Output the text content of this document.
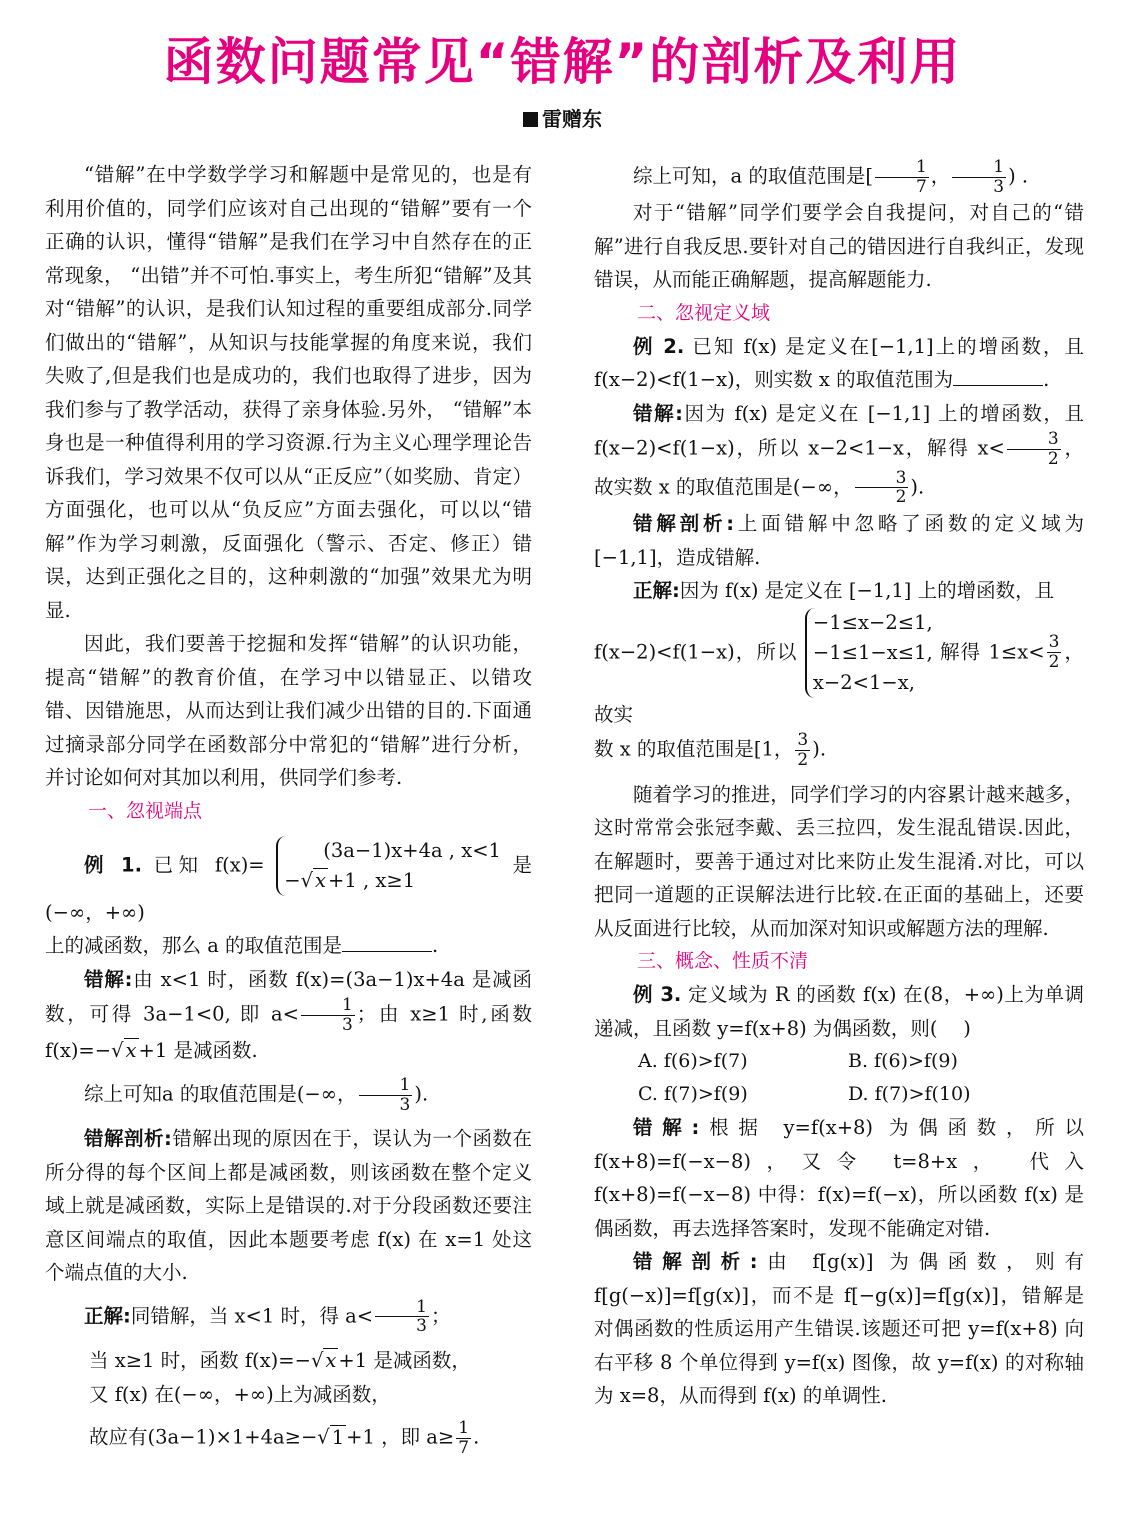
函数问题常见“错解”的剖析及利用
雷赠东

“错解”在中学数学学习和解题中是常见的，也是有利用价值的，同学们应该对自己出现的“错解”要有一个正确的认识，懂得“错解”是我们在学习中自然存在的正常现象， “出错”并不可怕.事实上，考生所犯“错解”及其对“错解”的认识，是我们认知过程的重要组成部分.同学们做出的“错解”，从知识与技能掌握的角度来说，我们失败了,但是我们也是成功的，我们也取得了进步，因为我们参与了教学活动，获得了亲身体验.另外， “错解”本身也是一种值得利用的学习资源.行为主义心理学理论告诉我们，学习效果不仅可以从“正反应”（如奖励、肯定）方面强化，也可以从“负反应”方面去强化，可以以“错解”作为学习刺激，反面强化（警示、否定、修正）错误，达到正强化之目的，这种刺激的“加强”效果尤为明显.

因此，我们要善于挖掘和发挥“错解”的认识功能，提高“错解”的教育价值，在学习中以错显正、以错攻错、因错施思，从而达到让我们减少出错的目的.下面通过摘录部分同学在函数部分中常犯的“错解”进行分析，并讨论如何对其加以利用，供同学们参考.

一、忽视端点

例 1. 已知 f(x)= (3a−1)x+4a , x<1
−√ x +1 , x≥1 是(−∞，+∞)

上的减函数，那么 a 的取值范围是	.

错解:由 x<1 时，函数 f(x)=(3a−1)x+4a 是减函数，可得 3a−1<0, 即 $a< \frac{1}{3}$ ；由 x≥1 时,函数 f(x)=−√ x +1 是减函数.

综上可知a 的取值范围是(−∞， $\frac{1}{3}$ ).

错解剖析:错解出现的原因在于，误认为一个函数在所分得的每个区间上都是减函数，则该函数在整个定义域上就是减函数，实际上是错误的.对于分段函数还要注意区间端点的取值，因此本题要考虑 f(x) 在 x=1 处这个端点值的大小.

正解:同错解，当 x<1 时，得 $a< \frac{1}{3}$ ；

当 x≥1 时，函数 f(x)=−√ x +1 是减函数，

又 f(x) 在(−∞，+∞)上为减函数，

故应有(3a−1)×1+4a≥−√ 1 +1 ，即 $a\ge \frac{1}{7}$ .

综上可知，a 的取值范围是[ $\frac{1}{7}$ ， $\frac{1}{3}$ ) .

对于“错解”同学们要学会自我提问，对自己的“错解”进行自我反思.要针对自己的错因进行自我纠正，发现错误，从而能正确解题，提高解题能力.

二、忽视定义域

例 2. 已知 f(x) 是定义在[−1,1]上的增函数，且 f(x−2)<f(1−x)，则实数 x 的取值范围为	.

错解:因为 f(x) 是定义在 [−1,1] 上的增函数，且 f(x−2)<f(1−x)，所以 x−2<1−x，解得 $x< \frac{3}{2}$ ，故实数 x 的取值范围是(−∞， $\frac{3}{2}$ ).

错解剖析:上面错解中忽略了函数的定义域为[−1,1]，造成错解.

正解:因为 f(x) 是定义在 [−1,1] 上的增函数，且

f(x−2)<f(1−x)，所以 −1≤x−2≤1,
−1≤1−x≤1,
x−2<1−x, 解得 $1\le x< \frac{3}{2}$ ，故实

数 x 的取值范围是[1， $\frac{3}{2}$ ).

随着学习的推进，同学们学习的内容累计越来越多，这时常常会张冠李戴、丢三拉四，发生混乱错误.因此，在解题时，要善于通过对比来防止发生混淆.对比，可以把同一道题的正误解法进行比较.在正面的基础上，还要从反面进行比较，从而加深对知识或解题方法的理解.

三、概念、性质不清

例 3. 定义域为 R 的函数 f(x) 在(8，+∞)上为单调递减，且函数 y=f(x+8) 为偶函数，则(　 )

A. f(6)>f(7)	B. f(6)>f(9)
C. f(7)>f(9)	D. f(7)>f(10)

错解:根据 y=f(x+8) 为偶函数，所以 f(x+8)=f(−x−8)，又令 t=8+x， 代入 f(x+8)=f(−x−8) 中得：f(x)=f(−x)，所以函数 f(x) 是偶函数，再去选择答案时，发现不能确定对错.

错解剖析:由 f[g(x)] 为偶函数，则有 f[g(−x)]=f[g(x)]，而不是 f[−g(x)]=f[g(x)]，错解是对偶函数的性质运用产生错误.该题还可把 y=f(x+8) 向右平移 8 个单位得到 y=f(x) 图像，故 y=f(x) 的对称轴为 x=8，从而得到 f(x) 的单调性.
